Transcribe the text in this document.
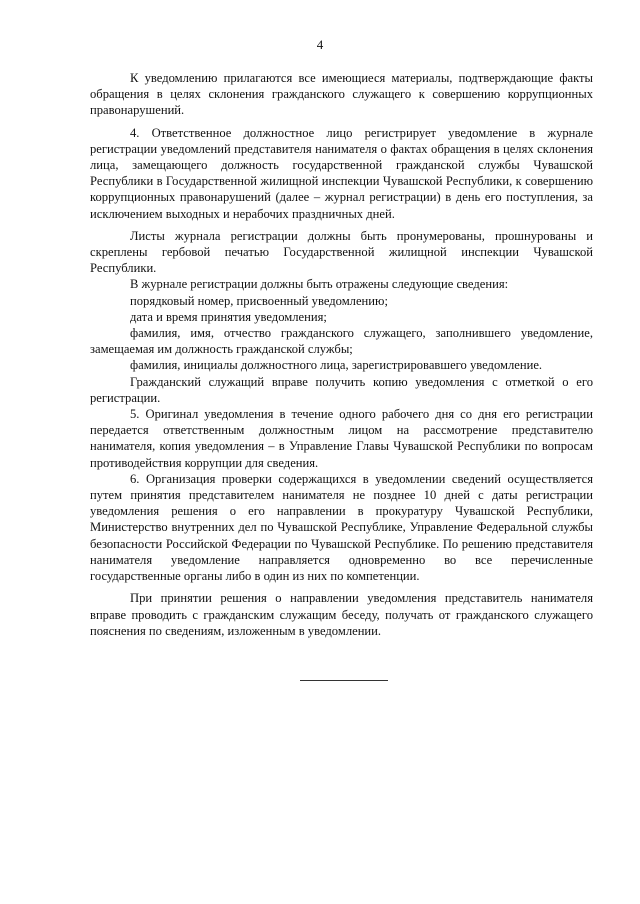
4

К уведомлению прилагаются все имеющиеся материалы, подтверждающие факты обращения в целях склонения гражданского служащего к совершению коррупционных правонарушений.

4. Ответственное должностное лицо регистрирует уведомление в журнале регистрации уведомлений представителя нанимателя о фактах обращения в целях склонения лица, замещающего должность государственной гражданской службы Чувашской Республики в Государственной жилищной инспекции Чувашской Республики, к совершению коррупционных правонарушений (далее – журнал регистрации) в день его поступления, за исключением выходных и нерабочих праздничных дней.

Листы журнала регистрации должны быть пронумерованы, прошнурованы и скреплены гербовой печатью Государственной жилищной инспекции Чувашской Республики.

В журнале регистрации должны быть отражены следующие сведения:

порядковый номер, присвоенный уведомлению;

дата и время принятия уведомления;

фамилия, имя, отчество гражданского служащего, заполнившего уведомление, замещаемая им должность гражданской службы;

фамилия, инициалы должностного лица, зарегистрировавшего уведомление.

Гражданский служащий вправе получить копию уведомления с отметкой о его регистрации.

5. Оригинал уведомления в течение одного рабочего дня со дня его регистрации передается ответственным должностным лицом на рассмотрение представителю нанимателя, копия уведомления – в Управление Главы Чувашской Республики по вопросам противодействия коррупции для сведения.

6. Организация проверки содержащихся в уведомлении сведений осуществляется путем принятия представителем нанимателя не позднее 10 дней с даты регистрации уведомления решения о его направлении в прокуратуру Чувашской Республики, Министерство внутренних дел по Чувашской Республике, Управление Федеральной службы безопасности Российской Федерации по Чувашской Республике. По решению представителя нанимателя уведомление направляется одновременно во все перечисленные государственные органы либо в один из них по компетенции.

При принятии решения о направлении уведомления представитель нанимателя вправе проводить с гражданским служащим беседу, получать от гражданского служащего пояснения по сведениям, изложенным в уведомлении.
